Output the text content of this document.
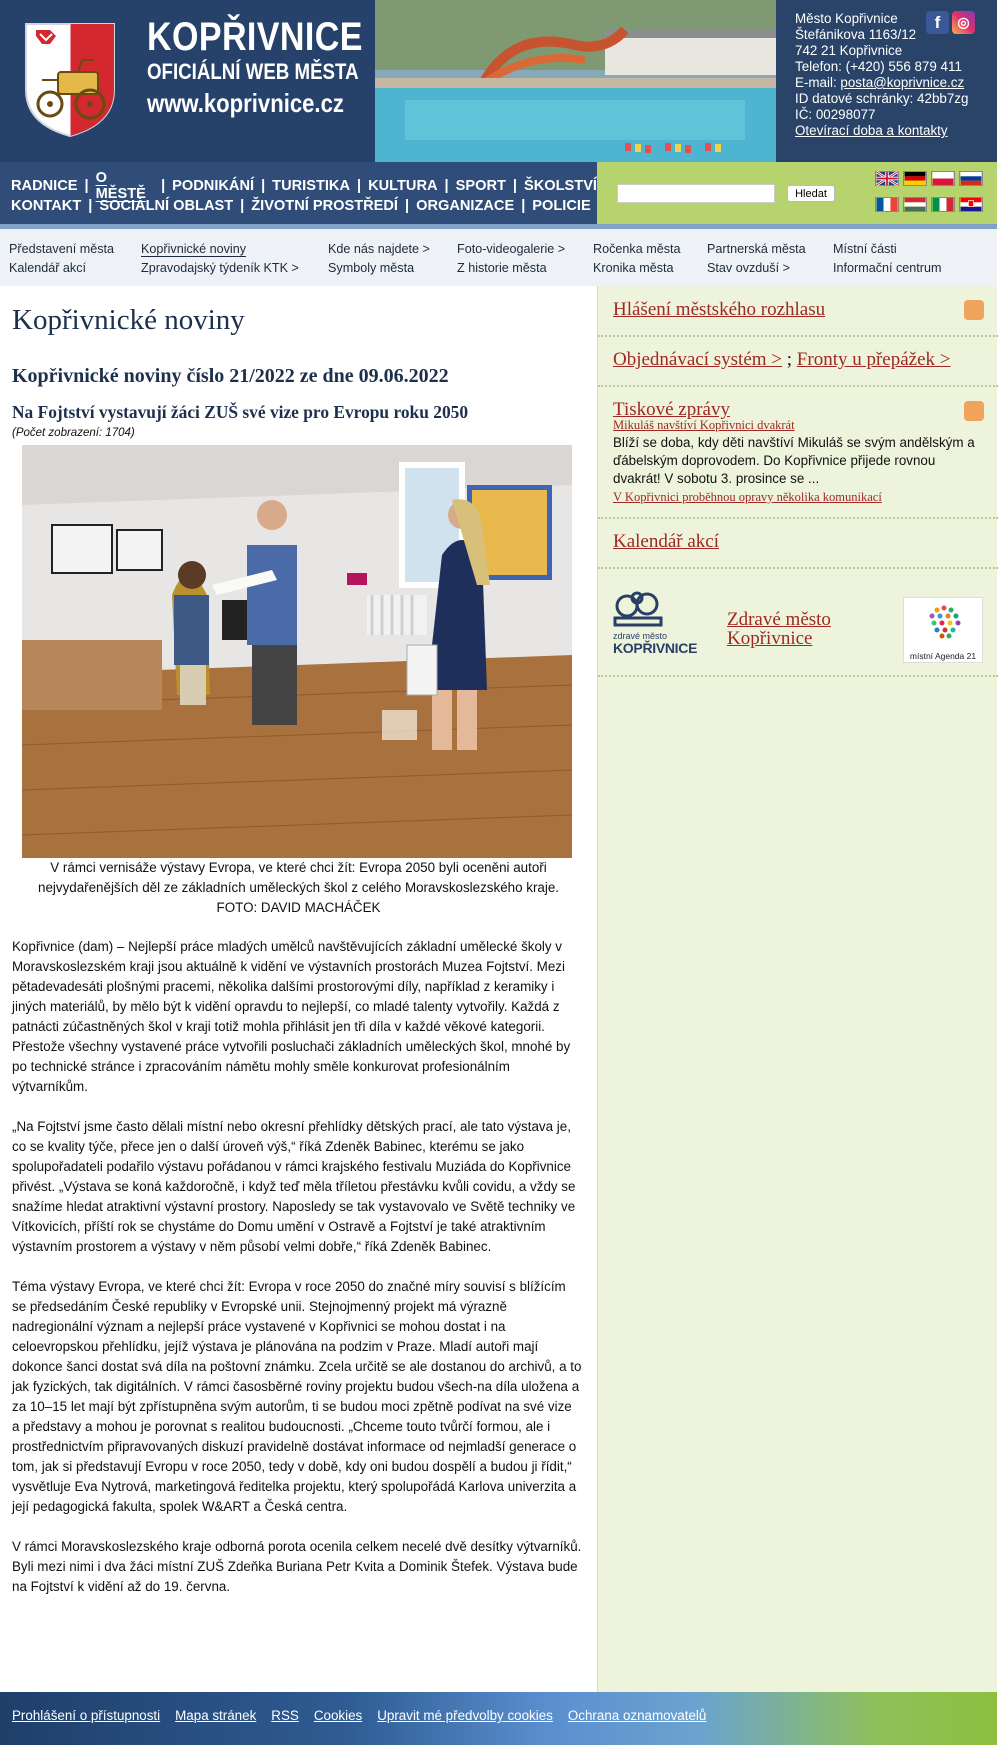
KOPŘIVNICE
OFICIÁLNÍ WEB MĚSTA
www.koprivnice.cz
Město Kopřivnice
Štefánikova 1163/12
742 21 Kopřivnice
Telefon: (+420) 556 879 411
E-mail: posta@koprivnice.cz
ID datové schránky: 42bb7zg
IČ: 00298077
Otevírací doba a kontakty
f	◎
RADNICE | O MĚSTĚ	| PODNIKÁNÍ | TURISTIKA | KULTURA | SPORT | ŠKOLSTVÍ
KONTAKT | SOCIÁLNÍ OBLAST | ŽIVOTNÍ PROSTŘEDÍ | ORGANIZACE | POLICIE
Hledat
Představení města
Kalendář akcí
Kopřivnické noviny
Zpravodajský týdeník KTK >
Kde nás najdete >
Symboly města
Foto-videogalerie >
Z historie města
Ročenka města
Kronika města
Partnerská města
Stav ovzduší >
Místní části
Informační centrum
Kopřivnické noviny
Kopřivnické noviny číslo 21/2022 ze dne 09.06.2022
Na Fojtství vystavují žáci ZUŠ své vize pro Evropu roku 2050
(Počet zobrazení: 1704)
V rámci vernisáže výstavy Evropa, ve které chci žít: Evropa 2050 byli oceněni autoři
nejvydařenějších děl ze základních uměleckých škol z celého Moravskoslezského kraje.
FOTO: DAVID MACHÁČEK

Kopřivnice (dam) – Nejlepší práce mladých umělců navštěvujících základní umělecké školy v Moravskoslezském kraji jsou aktuálně k vidění ve výstavních prostorách Muzea Fojtství. Mezi pětadevadesáti plošnými pracemi, několika dalšími prostorovými díly, například z keramiky i jiných materiálů, by mělo být k vidění opravdu to nejlepší, co mladé talenty vytvořily. Každá z patnácti zúčastněných škol v kraji totiž mohla přihlásit jen tři díla v každé věkové kategorii. Přestože všechny vystavené práce vytvořili posluchači základních uměleckých škol, mnohé by po technické stránce i zpracováním námětu mohly směle konkurovat profesionálním výtvarníkům.

„Na Fojtství jsme často dělali místní nebo okresní přehlídky dětských prací, ale tato výstava je, co se kvality týče, přece jen o další úroveň výš,“ říká Zdeněk Babinec, kterému se jako spolupořadateli podařilo výstavu pořádanou v rámci krajského festivalu Muziáda do Kopřivnice přivést. „Výstava se koná každoročně, i když teď měla tříletou přestávku kvůli covidu, a vždy se snažíme hledat atraktivní výstavní prostory. Naposledy se tak vystavovalo ve Světě techniky ve Vítkovicích, příští rok se chystáme do Domu umění v Ostravě a Fojtství je také atraktivním výstavním prostorem a výstavy v něm působí velmi dobře,“ říká Zdeněk Babinec.

Téma výstavy Evropa, ve které chci žít: Evropa v roce 2050 do značné míry souvisí s blížícím se předsedáním České republiky v Evropské unii. Stejnojmenný projekt má výrazně nadregionální význam a nejlepší práce vystavené v Kopřivnici se mohou dostat i na celoevropskou přehlídku, jejíž výstava je plánována na podzim v Praze. Mladí autoři mají dokonce šanci dostat svá díla na poštovní známku. Zcela určitě se ale dostanou do archivů, a to jak fyzických, tak digitálních. V rámci časosběrné roviny projektu budou všech-na díla uložena a za 10–15 let mají být zpřístupněna svým autorům, ti se budou moci zpětně podívat na své vize a představy a mohou je porovnat s realitou budoucnosti. „Chceme touto tvůrčí formou, ale i prostřednictvím připravovaných diskuzí pravidelně dostávat informace od nejmladší generace o tom, jak si představují Evropu v roce 2050, tedy v době, kdy oni budou dospělí a budou ji řídit,“ vysvětluje Eva Nytrová, marketingová ředitelka projektu, který spolupořádá Karlova univerzita a její pedagogická fakulta, spolek W&ART a Česká centra.

V rámci Moravskoslezského kraje odborná porota ocenila celkem necelé dvě desítky výtvarníků. Byli mezi nimi i dva žáci místní ZUŠ Zdeňka Buriana Petr Kvita a Dominik Štefek. Výstava bude na Fojtství k vidění až do 19. června.

Hlášení městského rozhlasu
Objednávací systém > ; Fronty u přepážek >
Tiskové zprávy
Mikuláš navštíví Kopřivnici dvakrát
Blíží se doba, kdy děti navštíví Mikuláš se svým andělským a ďábelským doprovodem. Do Kopřivnice přijede rovnou dvakrát! V sobotu 3. prosince se ...
V Kopřivnici proběhnou opravy několika komunikací
Kalendář akcí
zdravé město
KOPŘIVNICE
Zdravé město Kopřivnice
místní Agenda 21
Prohlášení o přístupnosti Mapa stránek RSS Cookies Upravit mé předvolby cookies Ochrana oznamovatelů
